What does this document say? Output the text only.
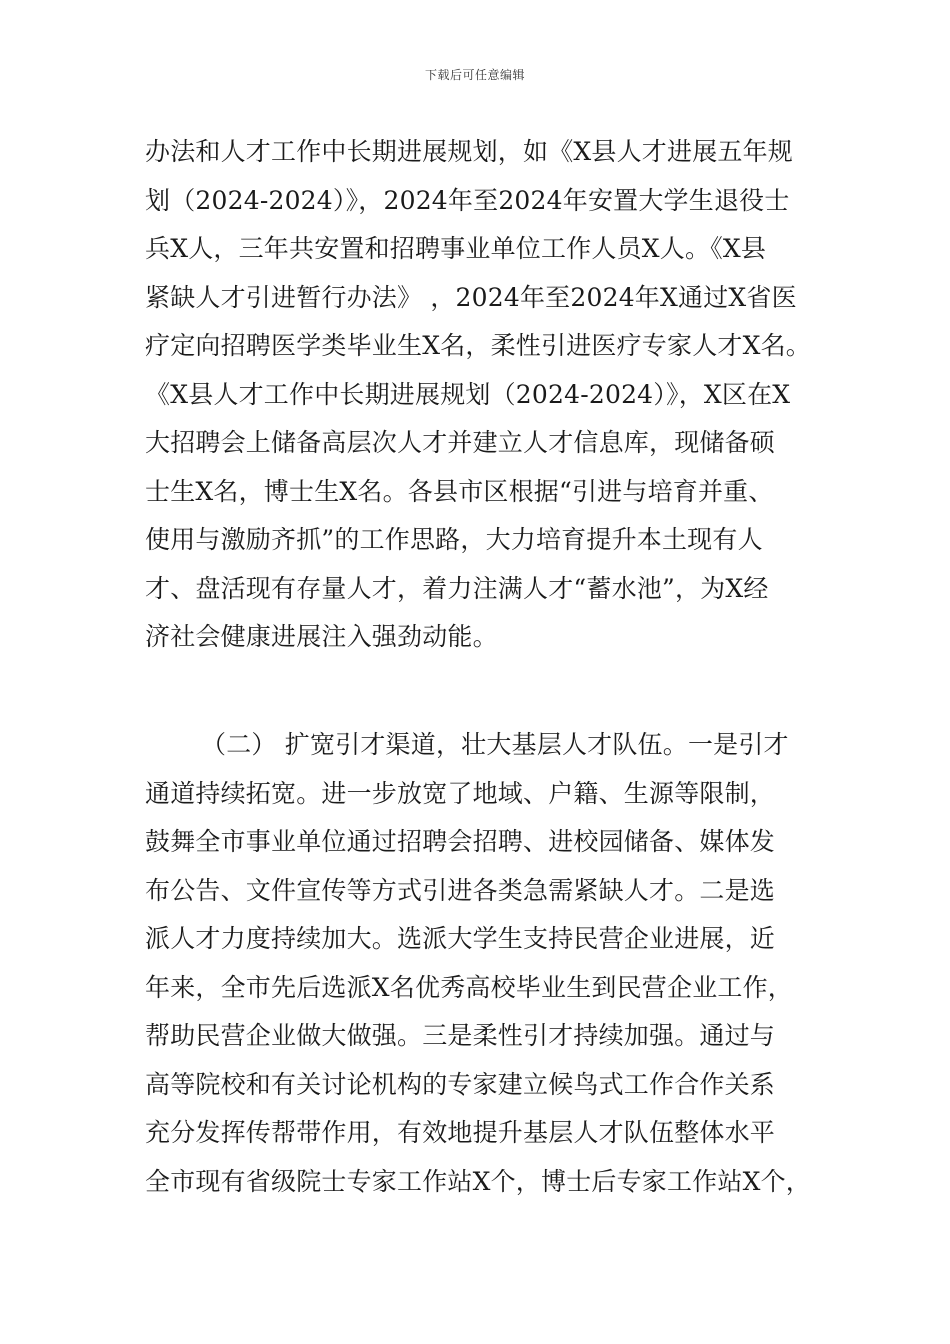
下载后可任意编辑
办法和人才工作中长期进展规划，如《X县人才进展五年规
划（2024-2024）》，2024年至2024年安置大学生退役士
兵X人，三年共安置和招聘事业单位工作人员X人。《X县
紧缺人才引进暂行办法》 ，2024年至2024年X通过X省医
疗定向招聘医学类毕业生X名，柔性引进医疗专家人才X名。
《X县人才工作中长期进展规划（2024-2024）》，X区在X
大招聘会上储备高层次人才并建立人才信息库，现储备硕
士生X名，博士生X名。各县市区根据“引进与培育并重、
使用与激励齐抓”的工作思路，大力培育提升本土现有人
才、盘活现有存量人才，着力注满人才“蓄水池”，为X经
济社会健康进展注入强劲动能。
（二） 扩宽引才渠道，壮大基层人才队伍。一是引才
通道持续拓宽。进一步放宽了地域、户籍、生源等限制，
鼓舞全市事业单位通过招聘会招聘、进校园储备、媒体发
布公告、文件宣传等方式引进各类急需紧缺人才。二是选
派人才力度持续加大。选派大学生支持民营企业进展，近
年来，全市先后选派X名优秀高校毕业生到民营企业工作，
帮助民营企业做大做强。三是柔性引才持续加强。通过与
高等院校和有关讨论机构的专家建立候鸟式工作合作关系
充分发挥传帮带作用，有效地提升基层人才队伍整体水平
全市现有省级院士专家工作站X个，博士后专家工作站X个，
